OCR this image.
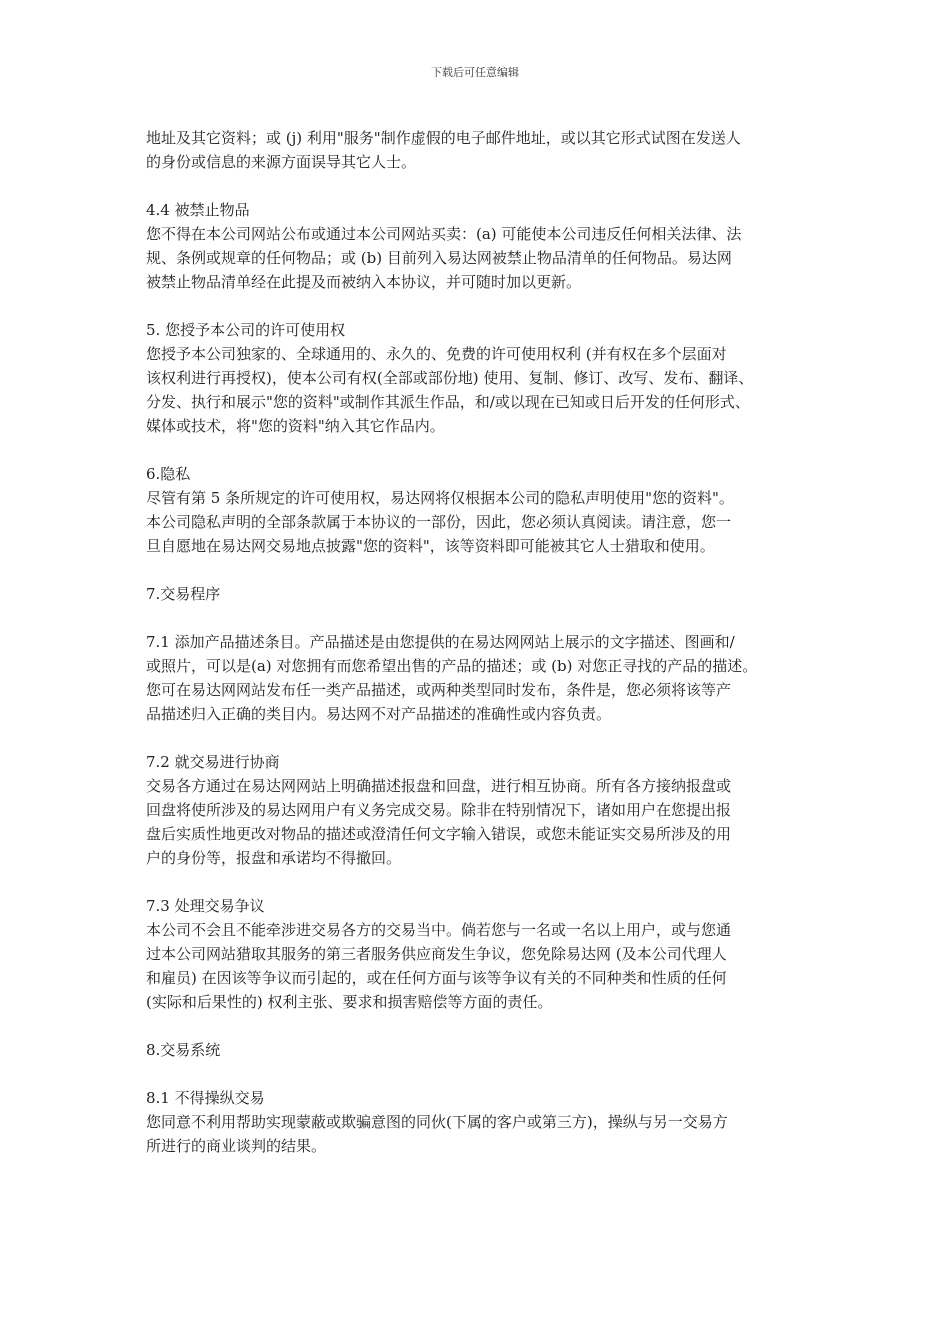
下载后可任意编辑

地址及其它资料；或 (j) 利用"服务"制作虚假的电子邮件地址，或以其它形式试图在发送人

的身份或信息的来源方面误导其它人士。

4.4 被禁止物品

您不得在本公司网站公布或通过本公司网站买卖：(a) 可能使本公司违反任何相关法律、法

规、条例或规章的任何物品；或 (b) 目前列入易达网被禁止物品清单的任何物品。易达网

被禁止物品清单经在此提及而被纳入本协议，并可随时加以更新。

5. 您授予本公司的许可使用权

您授予本公司独家的、全球通用的、永久的、免费的许可使用权利 (并有权在多个层面对

该权利进行再授权)，使本公司有权(全部或部份地) 使用、复制、修订、改写、发布、翻译、

分发、执行和展示"您的资料"或制作其派生作品，和/或以现在已知或日后开发的任何形式、

媒体或技术，将"您的资料"纳入其它作品内。

6.隐私

尽管有第 5 条所规定的许可使用权，易达网将仅根据本公司的隐私声明使用"您的资料"。

本公司隐私声明的全部条款属于本协议的一部份，因此，您必须认真阅读。请注意，您一

旦自愿地在易达网交易地点披露"您的资料"，该等资料即可能被其它人士猎取和使用。

7.交易程序

7.1 添加产品描述条目。产品描述是由您提供的在易达网网站上展示的文字描述、图画和/

或照片，可以是(a) 对您拥有而您希望出售的产品的描述；或 (b) 对您正寻找的产品的描述。

您可在易达网网站发布任一类产品描述，或两种类型同时发布，条件是，您必须将该等产

品描述归入正确的类目内。易达网不对产品描述的准确性或内容负责。

7.2 就交易进行协商

交易各方通过在易达网网站上明确描述报盘和回盘，进行相互协商。所有各方接纳报盘或

回盘将使所涉及的易达网用户有义务完成交易。除非在特别情况下，诸如用户在您提出报

盘后实质性地更改对物品的描述或澄清任何文字输入错误，或您未能证实交易所涉及的用

户的身份等，报盘和承诺均不得撤回。

7.3 处理交易争议

本公司不会且不能牵涉进交易各方的交易当中。倘若您与一名或一名以上用户，或与您通

过本公司网站猎取其服务的第三者服务供应商发生争议，您免除易达网 (及本公司代理人

和雇员) 在因该等争议而引起的，或在任何方面与该等争议有关的不同种类和性质的任何

(实际和后果性的) 权利主张、要求和损害赔偿等方面的责任。

8.交易系统

8.1 不得操纵交易

您同意不利用帮助实现蒙蔽或欺骗意图的同伙(下属的客户或第三方)，操纵与另一交易方

所进行的商业谈判的结果。
